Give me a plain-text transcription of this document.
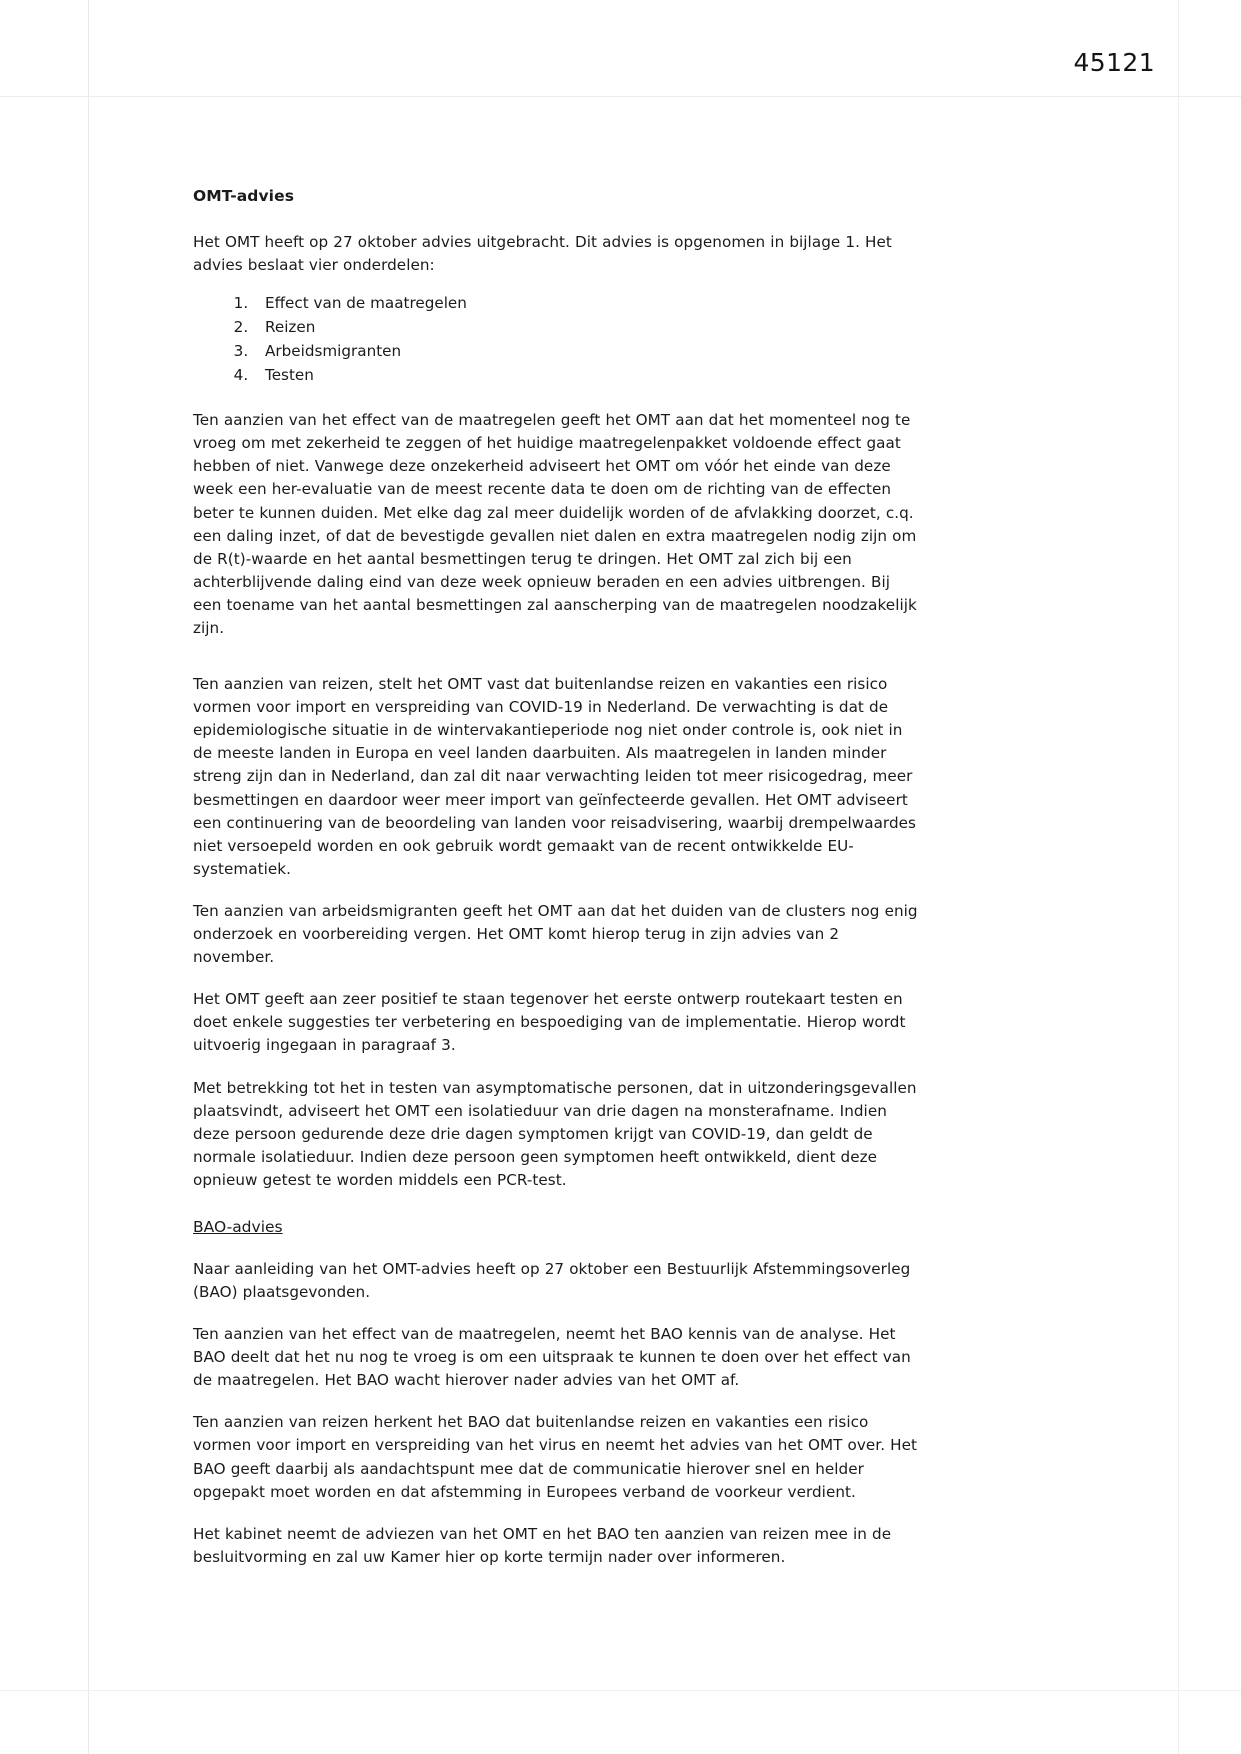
45121
OMT-advies

Het OMT heeft op 27 oktober advies uitgebracht. Dit advies is opgenomen in bijlage 1. Het advies beslaat vier onderdelen:

1. Effect van de maatregelen
2. Reizen
3. Arbeidsmigranten
4. Testen

Ten aanzien van het effect van de maatregelen geeft het OMT aan dat het momenteel nog te vroeg om met zekerheid te zeggen of het huidige maatregelenpakket voldoende effect gaat hebben of niet. Vanwege deze onzekerheid adviseert het OMT om vóór het einde van deze week een her-evaluatie van de meest recente data te doen om de richting van de effecten beter te kunnen duiden. Met elke dag zal meer duidelijk worden of de afvlakking doorzet, c.q. een daling inzet, of dat de bevestigde gevallen niet dalen en extra maatregelen nodig zijn om de R(t)-waarde en het aantal besmettingen terug te dringen. Het OMT zal zich bij een achterblijvende daling eind van deze week opnieuw beraden en een advies uitbrengen. Bij een toename van het aantal besmettingen zal aanscherping van de maatregelen noodzakelijk zijn.

Ten aanzien van reizen, stelt het OMT vast dat buitenlandse reizen en vakanties een risico vormen voor import en verspreiding van COVID-19 in Nederland. De verwachting is dat de epidemiologische situatie in de wintervakantieperiode nog niet onder controle is, ook niet in de meeste landen in Europa en veel landen daarbuiten. Als maatregelen in landen minder streng zijn dan in Nederland, dan zal dit naar verwachting leiden tot meer risicogedrag, meer besmettingen en daardoor weer meer import van geïnfecteerde gevallen. Het OMT adviseert een continuering van de beoordeling van landen voor reisadvisering, waarbij drempelwaardes niet versoepeld worden en ook gebruik wordt gemaakt van de recent ontwikkelde EU-systematiek.

Ten aanzien van arbeidsmigranten geeft het OMT aan dat het duiden van de clusters nog enig onderzoek en voorbereiding vergen. Het OMT komt hierop terug in zijn advies van 2 november.

Het OMT geeft aan zeer positief te staan tegenover het eerste ontwerp routekaart testen en doet enkele suggesties ter verbetering en bespoediging van de implementatie. Hierop wordt uitvoerig ingegaan in paragraaf 3.

Met betrekking tot het in testen van asymptomatische personen, dat in uitzonderingsgevallen plaatsvindt, adviseert het OMT een isolatieduur van drie dagen na monsterafname. Indien deze persoon gedurende deze drie dagen symptomen krijgt van COVID-19, dan geldt de normale isolatieduur. Indien deze persoon geen symptomen heeft ontwikkeld, dient deze opnieuw getest te worden middels een PCR-test.

BAO-advies

Naar aanleiding van het OMT-advies heeft op 27 oktober een Bestuurlijk Afstemmingsoverleg (BAO) plaatsgevonden.

Ten aanzien van het effect van de maatregelen, neemt het BAO kennis van de analyse. Het BAO deelt dat het nu nog te vroeg is om een uitspraak te kunnen te doen over het effect van de maatregelen. Het BAO wacht hierover nader advies van het OMT af.

Ten aanzien van reizen herkent het BAO dat buitenlandse reizen en vakanties een risico vormen voor import en verspreiding van het virus en neemt het advies van het OMT over. Het BAO geeft daarbij als aandachtspunt mee dat de communicatie hierover snel en helder opgepakt moet worden en dat afstemming in Europees verband de voorkeur verdient.

Het kabinet neemt de adviezen van het OMT en het BAO ten aanzien van reizen mee in de besluitvorming en zal uw Kamer hier op korte termijn nader over informeren.
